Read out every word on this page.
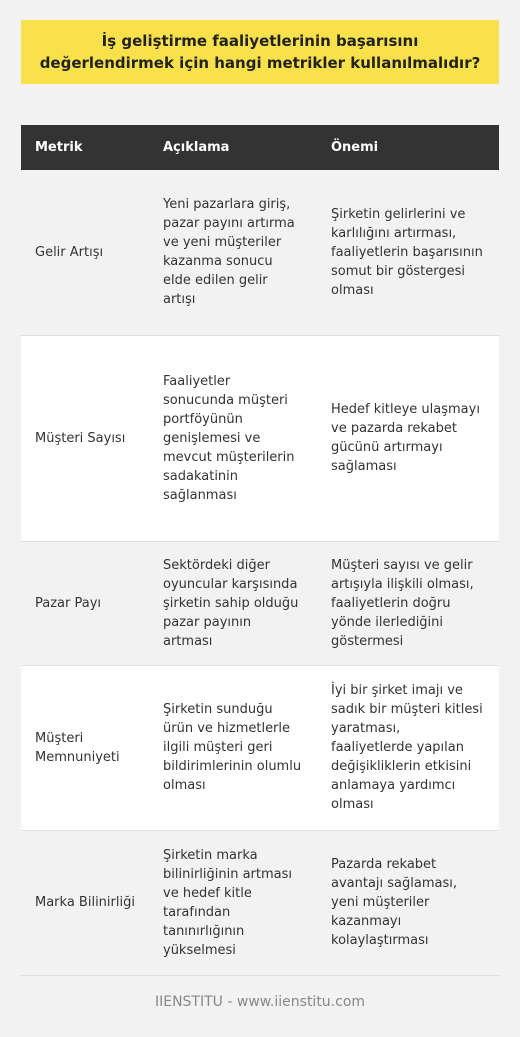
İş geliştirme faaliyetlerinin başarısını değerlendirmek için hangi metrikler kullanılmalıdır?
Metrik	Açıklama	Önemi
Gelir Artışı	Yeni pazarlara giriş, pazar payını artırma ve yeni müşteriler kazanma sonucu elde edilen gelir artışı	Şirketin gelirlerini ve karlılığını artırması, faaliyetlerin başarısının somut bir göstergesi olması
Müşteri Sayısı	Faaliyetler sonucunda müşteri portföyünün genişlemesi ve mevcut müşterilerin sadakatinin sağlanması	Hedef kitleye ulaşmayı ve pazarda rekabet gücünü artırmayı sağlaması
Pazar Payı	Sektördeki diğer oyuncular karşısında şirketin sahip olduğu pazar payının artması	Müşteri sayısı ve gelir artışıyla ilişkili olması, faaliyetlerin doğru yönde ilerlediğini göstermesi
Müşteri Memnuniyeti	Şirketin sunduğu ürün ve hizmetlerle ilgili müşteri geri bildirimlerinin olumlu olması	İyi bir şirket imajı ve sadık bir müşteri kitlesi yaratması, faaliyetlerde yapılan değişikliklerin etkisini anlamaya yardımcı olması
Marka Bilinirliği	Şirketin marka bilinirliğinin artması ve hedef kitle tarafından tanınırlığının yükselmesi	Pazarda rekabet avantajı sağlaması, yeni müşteriler kazanmayı kolaylaştırması
IIENSTITU - www.iienstitu.com
